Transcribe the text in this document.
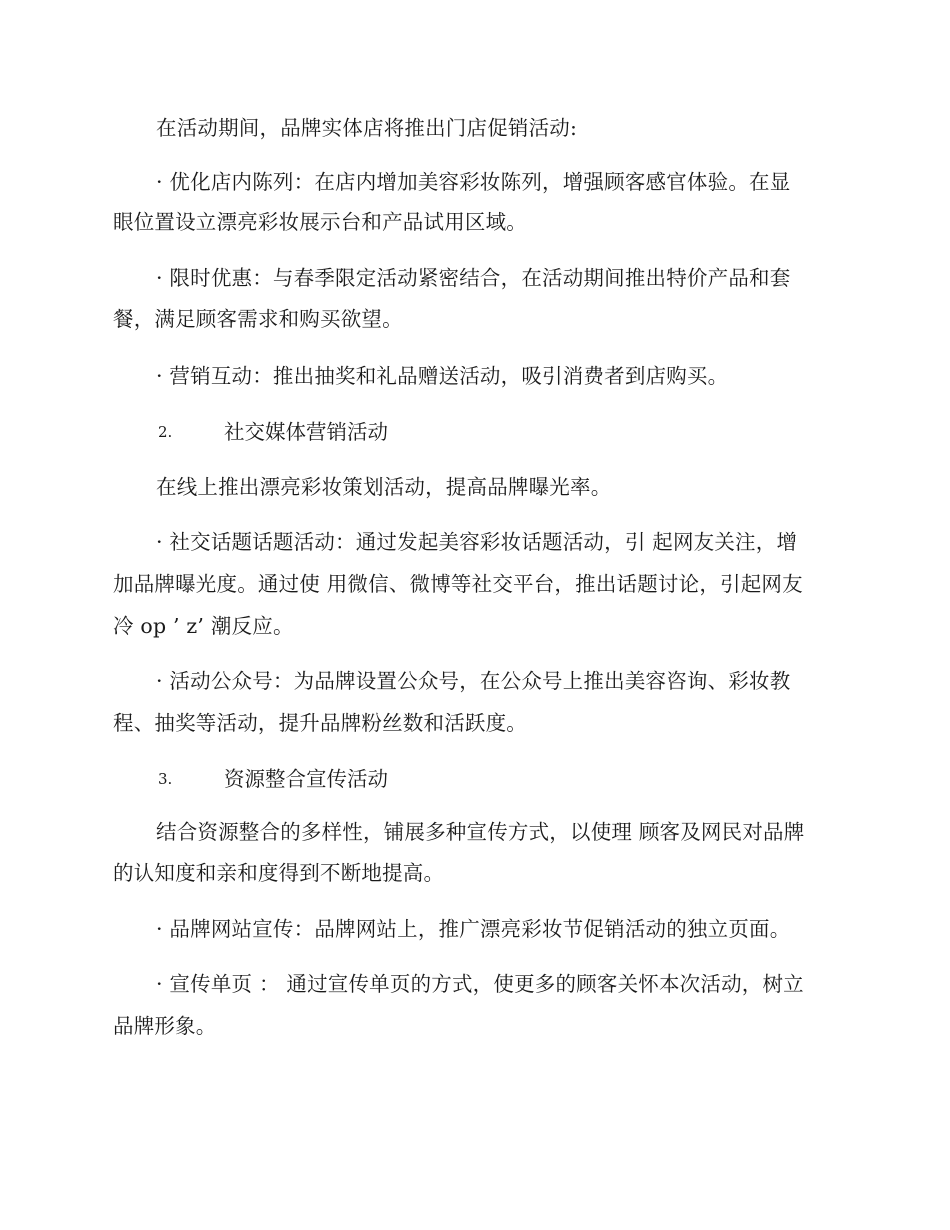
在活动期间，品牌实体店将推出门店促销活动:
· 优化店内陈列：在店内增加美容彩妆陈列，增强顾客感官体验。在显
眼位置设立漂亮彩妆展示台和产品试用区域。
· 限时优惠：与春季限定活动紧密结合，在活动期间推出特价产品和套
餐，满足顾客需求和购买欲望。
· 营销互动：推出抽奖和礼品赠送活动，吸引消费者到店购买。
2.	社交媒体营销活动
在线上推出漂亮彩妆策划活动，提高品牌曝光率。
· 社交话题话题活动：通过发起美容彩妆话题活动，引 起网友关注，增
加品牌曝光度。通过使 用微信、微博等社交平台，推出话题讨论，引起网友
冷 op ’ z’ 潮反应。
· 活动公众号：为品牌设置公众号，在公众号上推出美容咨询、彩妆教
程、抽奖等活动，提升品牌粉丝数和活跃度。
3.	资源整合宣传活动
结合资源整合的多样性，铺展多种宣传方式，以使理 顾客及网民对品牌
的认知度和亲和度得到不断地提高。
· 品牌网站宣传：品牌网站上，推广漂亮彩妆节促销活动的独立页面。
· 宣传单页 ： 通过宣传单页的方式，使更多的顾客关怀本次活动，树立
品牌形象。
